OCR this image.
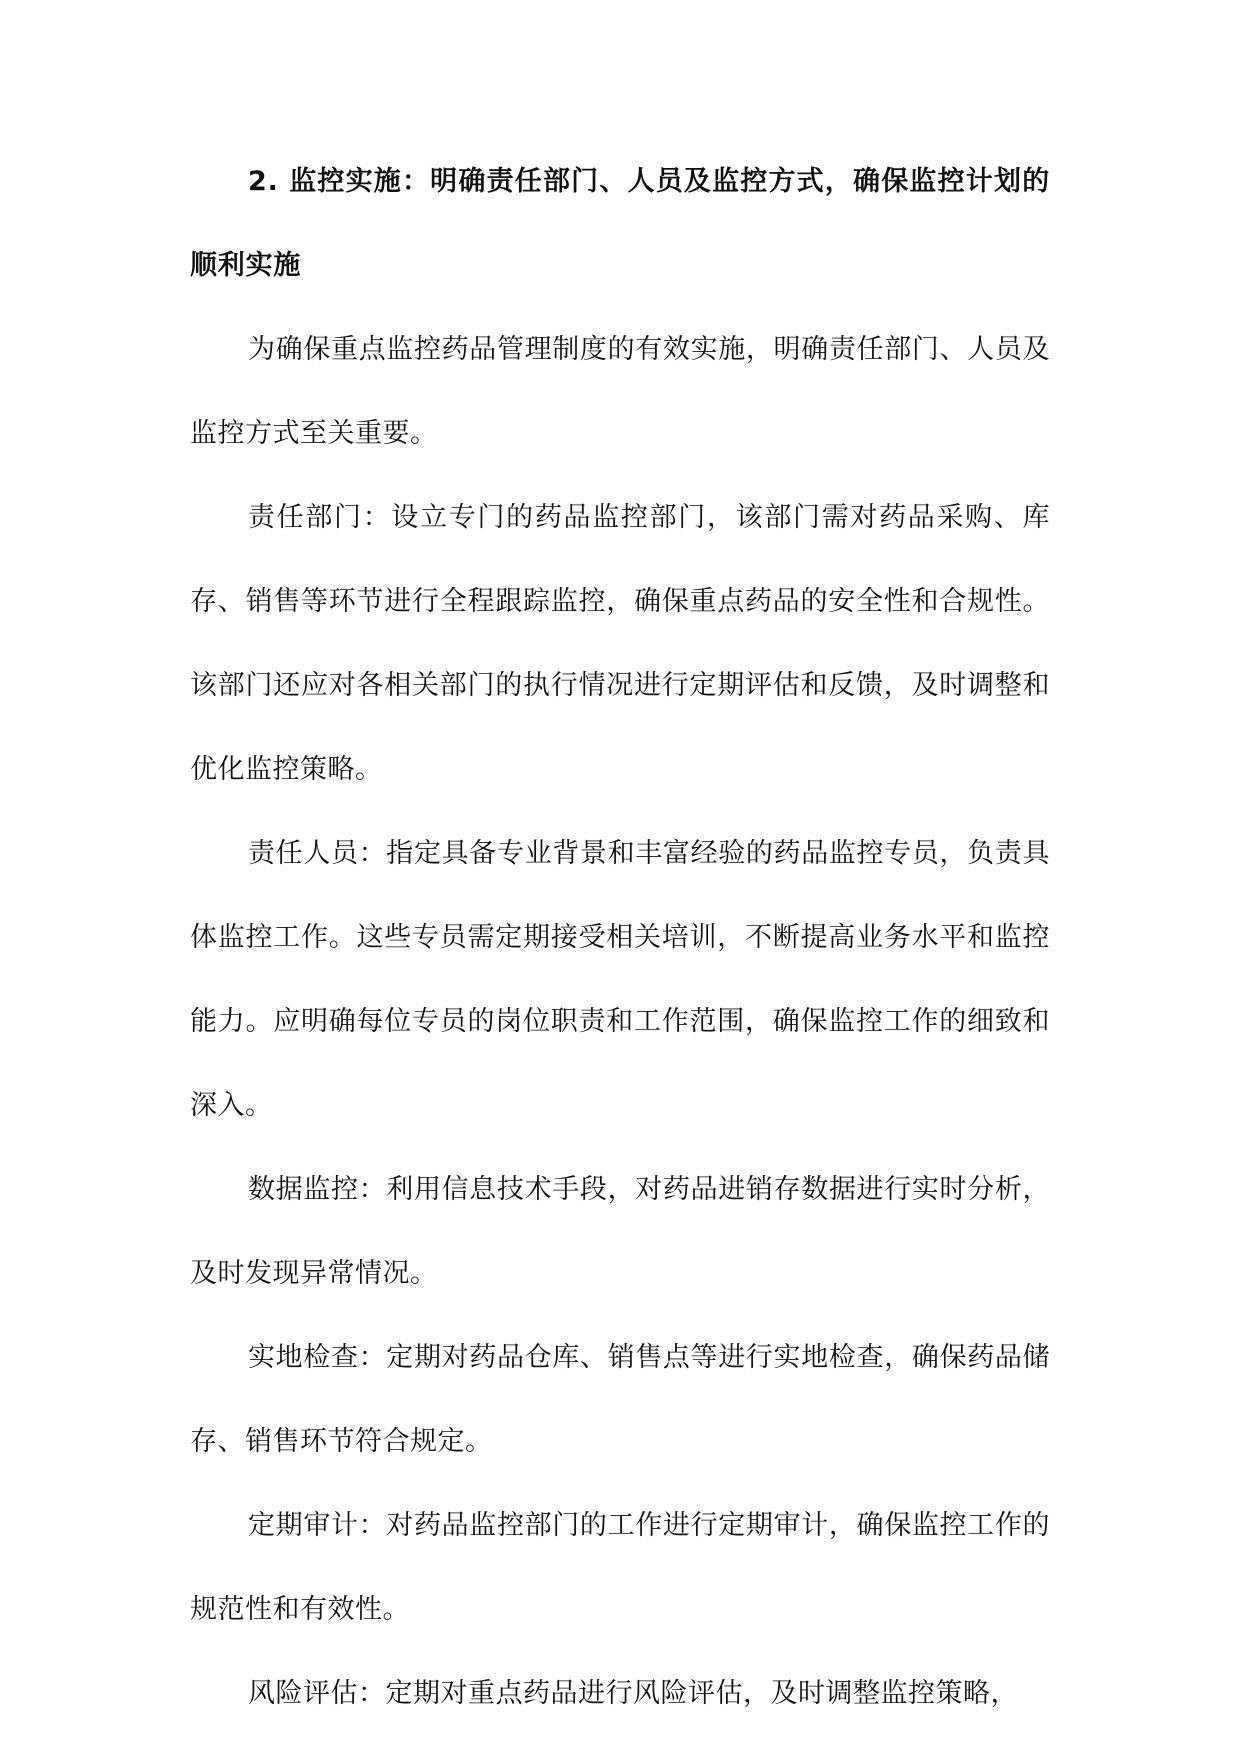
2. 监控实施：明确责任部门、人员及监控方式，确保监控计划的顺利实施

为确保重点监控药品管理制度的有效实施，明确责任部门、人员及监控方式至关重要。

责任部门：设立专门的药品监控部门，该部门需对药品采购、库存、销售等环节进行全程跟踪监控，确保重点药品的安全性和合规性。该部门还应对各相关部门的执行情况进行定期评估和反馈，及时调整和优化监控策略。

责任人员：指定具备专业背景和丰富经验的药品监控专员，负责具体监控工作。这些专员需定期接受相关培训，不断提高业务水平和监控能力。应明确每位专员的岗位职责和工作范围，确保监控工作的细致和深入。

数据监控：利用信息技术手段，对药品进销存数据进行实时分析，及时发现异常情况。

实地检查：定期对药品仓库、销售点等进行实地检查，确保药品储存、销售环节符合规定。

定期审计：对药品监控部门的工作进行定期审计，确保监控工作的规范性和有效性。

风险评估：定期对重点药品进行风险评估，及时调整监控策略，
